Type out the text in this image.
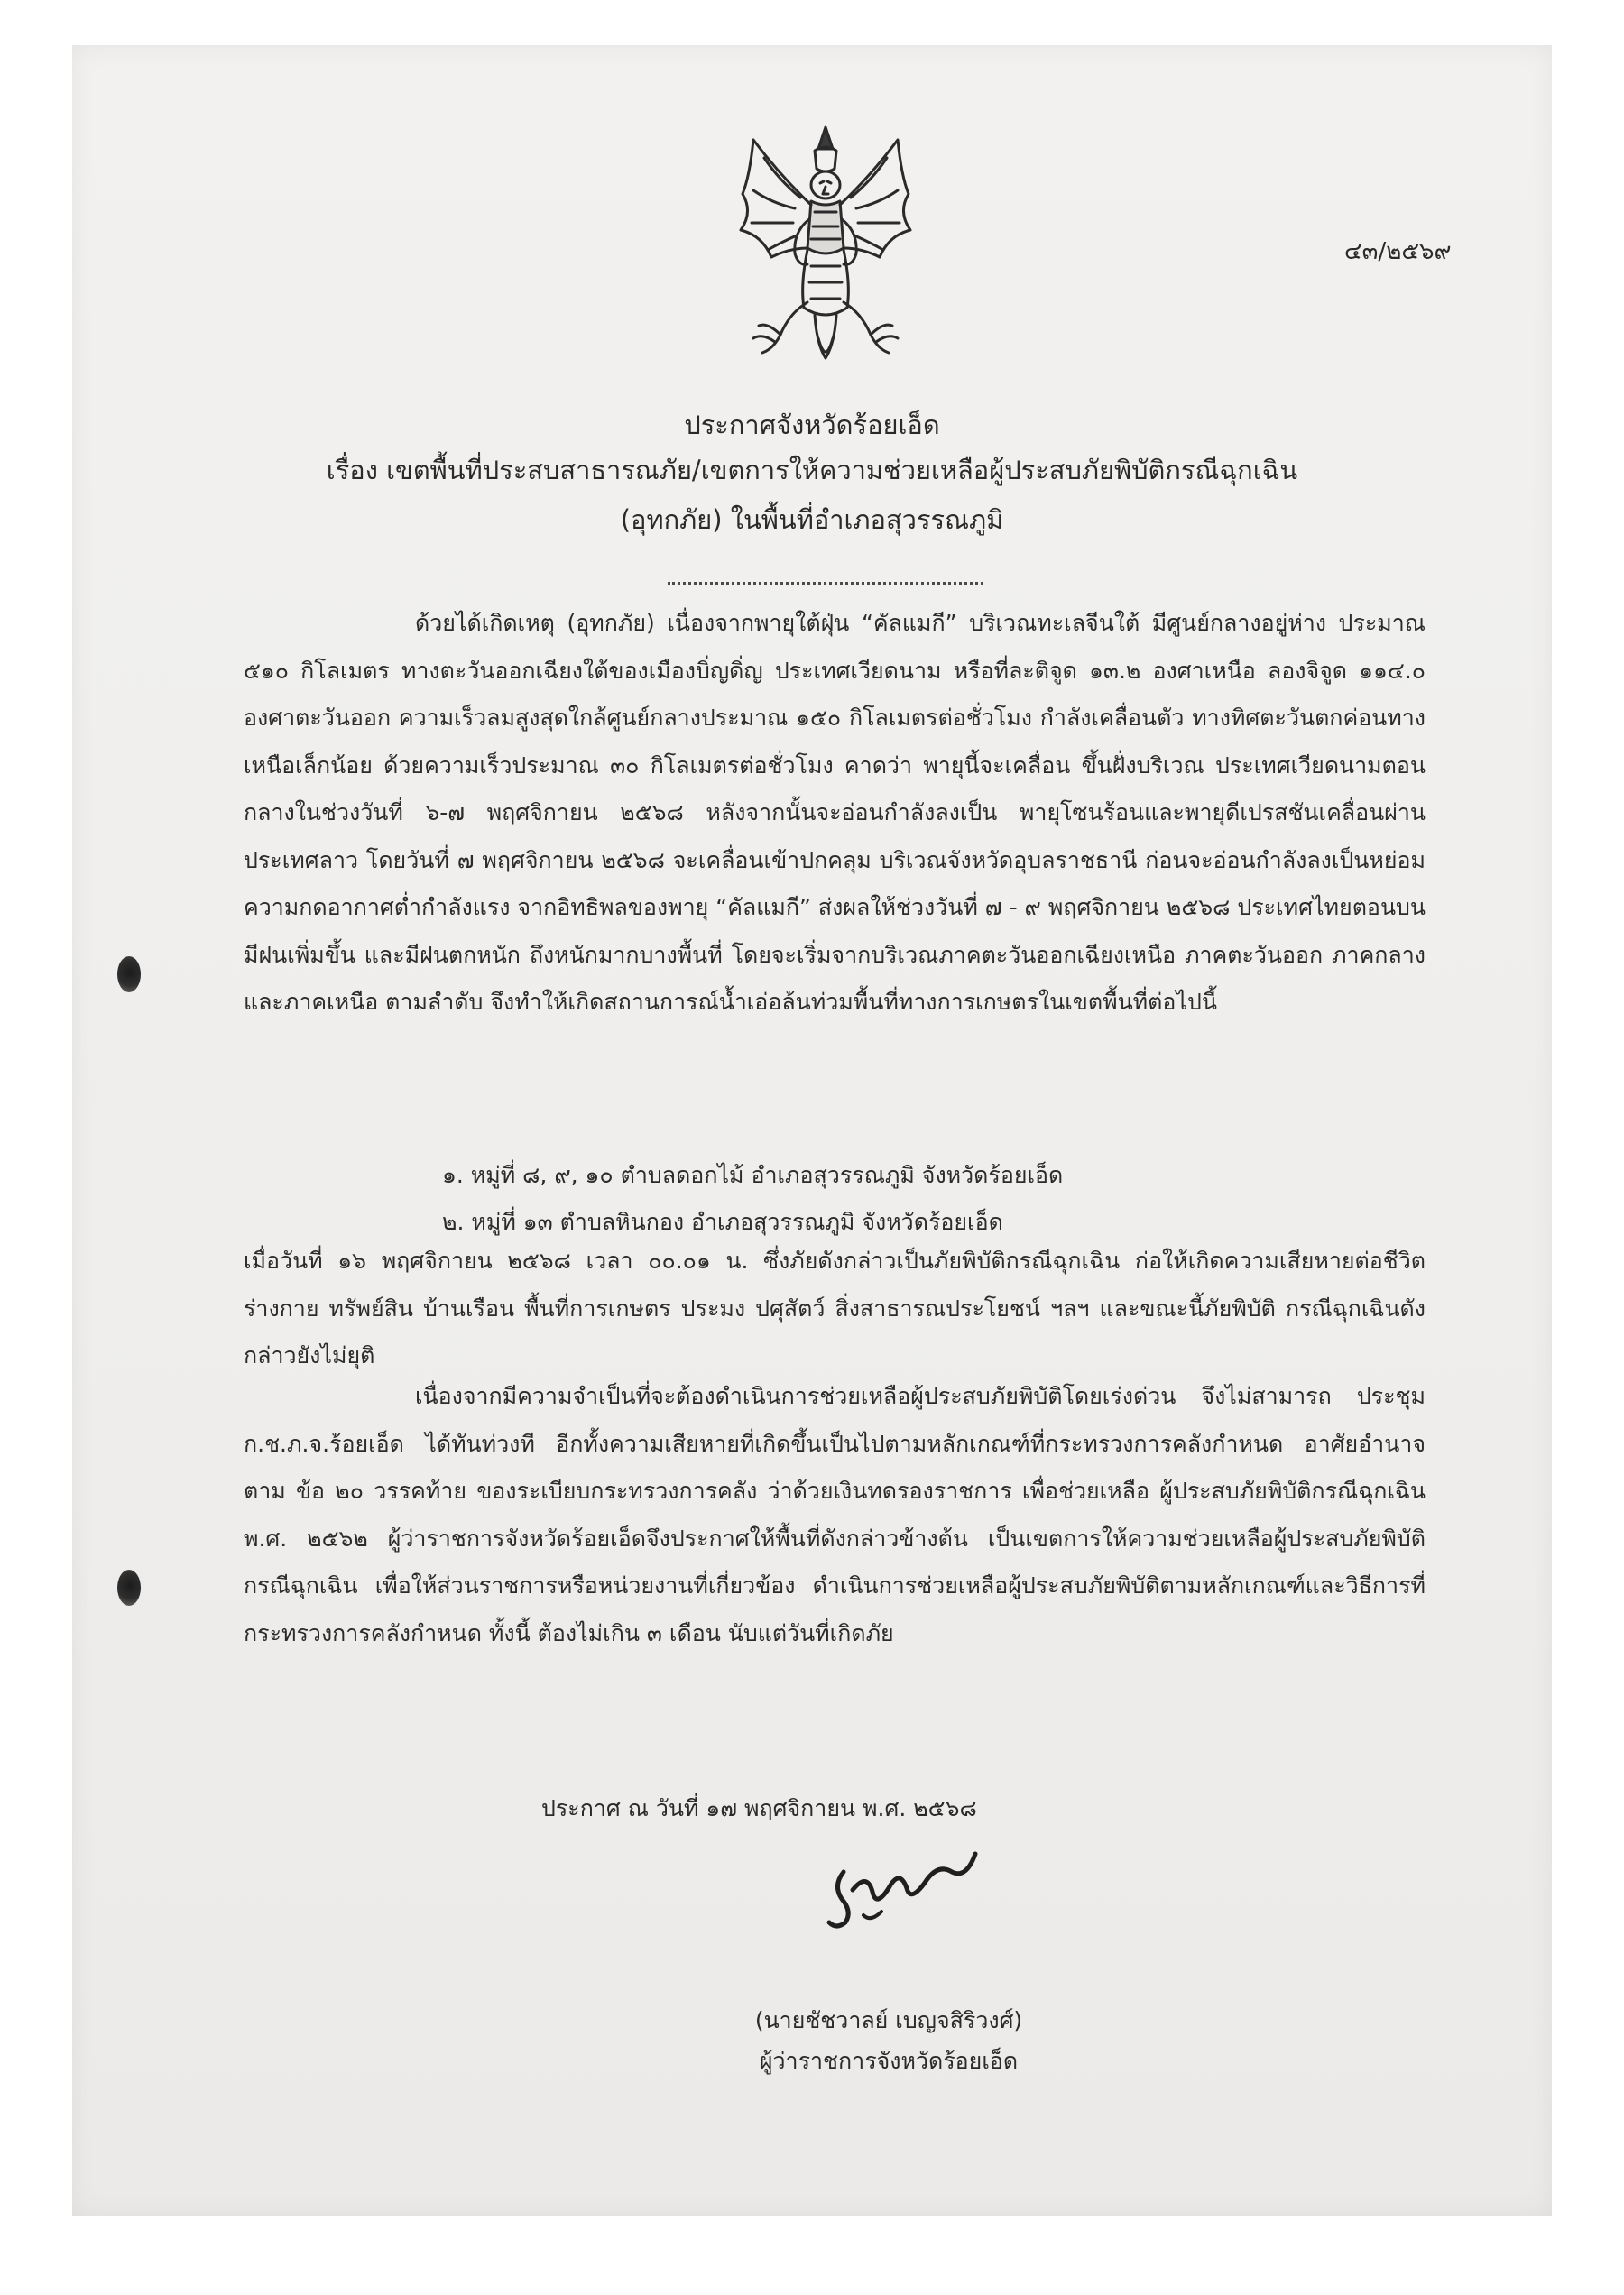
๔๓/๒๕๖๙

ประกาศจังหวัดร้อยเอ็ด

เรื่อง เขตพื้นที่ประสบสาธารณภัย/เขตการให้ความช่วยเหลือผู้ประสบภัยพิบัติกรณีฉุกเฉิน

(อุทกภัย) ในพื้นที่อำเภอสุวรรณภูมิ

ด้วยได้เกิดเหตุ (อุทกภัย) เนื่องจากพายุใต้ฝุ่น “คัลแมกี” บริเวณทะเลจีนใต้ มีศูนย์กลางอยู่ห่าง ประมาณ ๕๑๐ กิโลเมตร ทางตะวันออกเฉียงใต้ของเมืองบิ่ญดิ่ญ ประเทศเวียดนาม หรือที่ละติจูด ๑๓.๒ องศาเหนือ ลองจิจูด ๑๑๔.๐ องศาตะวันออก ความเร็วลมสูงสุดใกล้ศูนย์กลางประมาณ ๑๕๐ กิโลเมตรต่อชั่วโมง กำลังเคลื่อนตัว ทางทิศตะวันตกค่อนทางเหนือเล็กน้อย ด้วยความเร็วประมาณ ๓๐ กิโลเมตรต่อชั่วโมง คาดว่า พายุนี้จะเคลื่อน ขึ้นฝั่งบริเวณ ประเทศเวียดนามตอนกลางในช่วงวันที่ ๖-๗ พฤศจิกายน ๒๕๖๘ หลังจากนั้นจะอ่อนกำลังลงเป็น พายุโซนร้อนและพายุดีเปรสชันเคลื่อนผ่านประเทศลาว โดยวันที่ ๗ พฤศจิกายน ๒๕๖๘ จะเคลื่อนเข้าปกคลุม บริเวณจังหวัดอุบลราชธานี ก่อนจะอ่อนกำลังลงเป็นหย่อมความกดอากาศต่ำกำลังแรง จากอิทธิพลของพายุ “คัลแมกี” ส่งผลให้ช่วงวันที่ ๗ - ๙ พฤศจิกายน ๒๕๖๘ ประเทศไทยตอนบนมีฝนเพิ่มขึ้น และมีฝนตกหนัก ถึงหนักมากบางพื้นที่ โดยจะเริ่มจากบริเวณภาคตะวันออกเฉียงเหนือ ภาคตะวันออก ภาคกลาง และภาคเหนือ ตามลำดับ จึงทำให้เกิดสถานการณ์น้ำเอ่อล้นท่วมพื้นที่ทางการเกษตรในเขตพื้นที่ต่อไปนี้

๑. หมู่ที่ ๘, ๙, ๑๐ ตำบลดอกไม้ อำเภอสุวรรณภูมิ จังหวัดร้อยเอ็ด

๒. หมู่ที่ ๑๓ ตำบลหินกอง อำเภอสุวรรณภูมิ จังหวัดร้อยเอ็ด

เมื่อวันที่ ๑๖ พฤศจิกายน ๒๕๖๘ เวลา ๐๐.๐๑ น. ซึ่งภัยดังกล่าวเป็นภัยพิบัติกรณีฉุกเฉิน ก่อให้เกิดความเสียหายต่อชีวิต ร่างกาย ทรัพย์สิน บ้านเรือน พื้นที่การเกษตร ประมง ปศุสัตว์ สิ่งสาธารณประโยชน์ ฯลฯ และขณะนี้ภัยพิบัติ กรณีฉุกเฉินดังกล่าวยังไม่ยุติ

เนื่องจากมีความจำเป็นที่จะต้องดำเนินการช่วยเหลือผู้ประสบภัยพิบัติโดยเร่งด่วน จึงไม่สามารถ ประชุม ก.ช.ภ.จ.ร้อยเอ็ด ได้ทันท่วงที อีกทั้งความเสียหายที่เกิดขึ้นเป็นไปตามหลักเกณฑ์ที่กระทรวงการคลังกำหนด อาศัยอำนาจตาม ข้อ ๒๐ วรรคท้าย ของระเบียบกระทรวงการคลัง ว่าด้วยเงินทดรองราชการ เพื่อช่วยเหลือ ผู้ประสบภัยพิบัติกรณีฉุกเฉิน พ.ศ. ๒๕๖๒ ผู้ว่าราชการจังหวัดร้อยเอ็ดจึงประกาศให้พื้นที่ดังกล่าวข้างต้น เป็นเขตการให้ความช่วยเหลือผู้ประสบภัยพิบัติกรณีฉุกเฉิน เพื่อให้ส่วนราชการหรือหน่วยงานที่เกี่ยวข้อง ดำเนินการช่วยเหลือผู้ประสบภัยพิบัติตามหลักเกณฑ์และวิธีการที่กระทรวงการคลังกำหนด ทั้งนี้ ต้องไม่เกิน ๓ เดือน นับแต่วันที่เกิดภัย

ประกาศ ณ วันที่ ๑๗ พฤศจิกายน พ.ศ. ๒๕๖๘

(นายชัชวาลย์ เบญจสิริวงศ์)

ผู้ว่าราชการจังหวัดร้อยเอ็ด
